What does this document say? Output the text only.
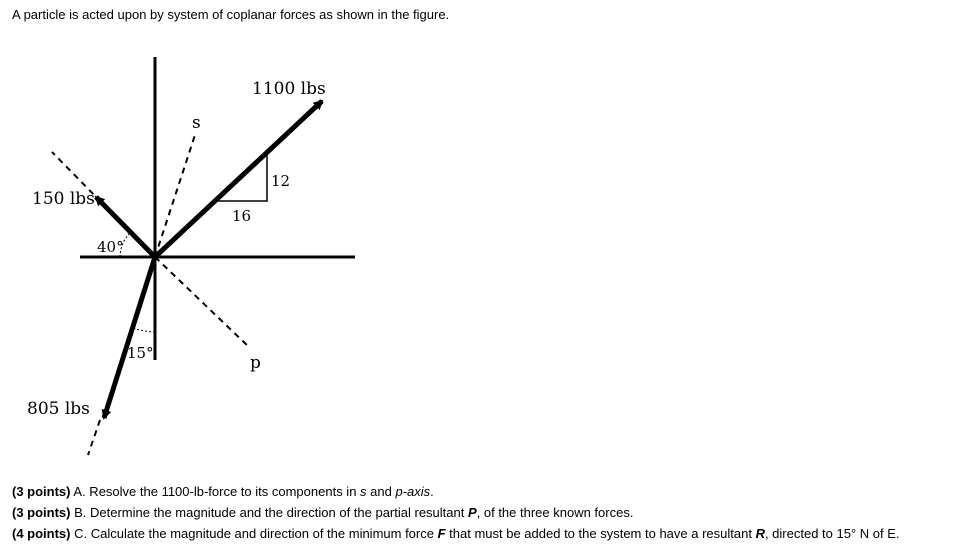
A particle is acted upon by system of coplanar forces as shown in the figure.
1100 lbs
150 lbs
805 lbs
s
p
12
16
40°
15°
(3 points) A. Resolve the 1100-lb-force to its components in s and p-axis.
(3 points) B. Determine the magnitude and the direction of the partial resultant P, of the three known forces.
(4 points) C. Calculate the magnitude and direction of the minimum force F that must be added to the system to have a resultant R, directed to 15° N of E.
